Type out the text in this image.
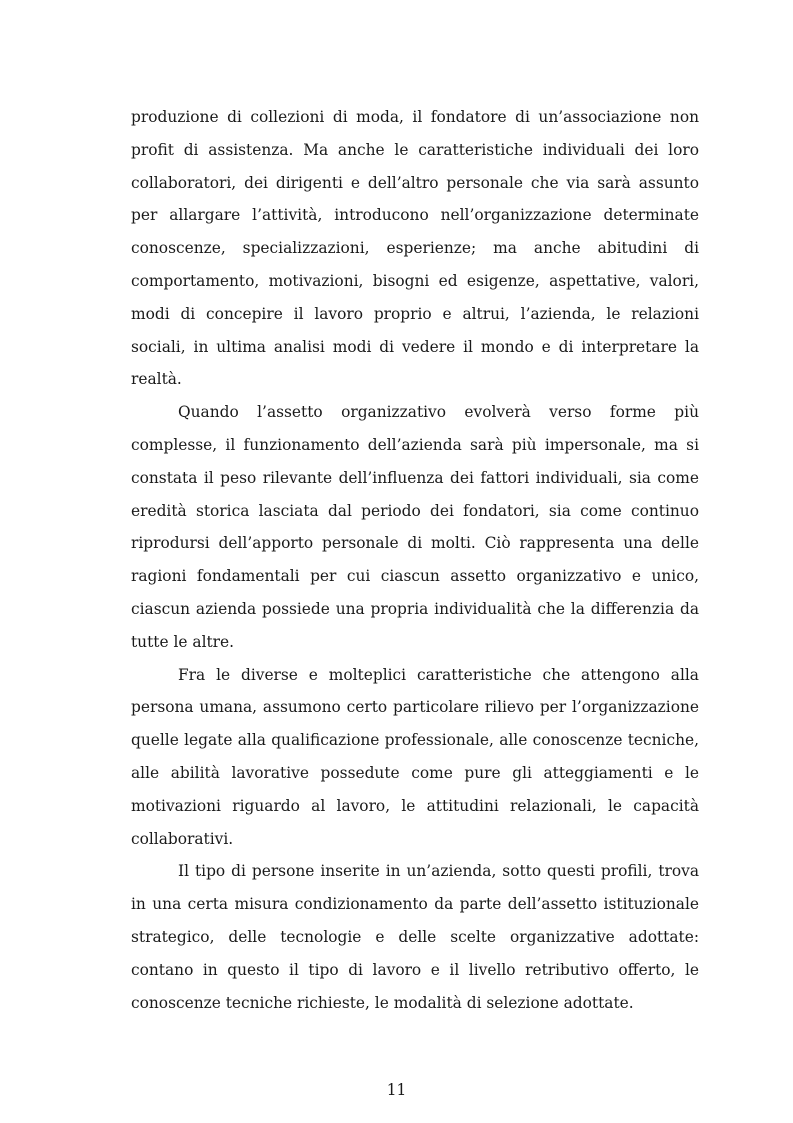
produzione di collezioni di moda, il fondatore di un’associazione non profit di assistenza. Ma anche le caratteristiche individuali dei loro collaboratori, dei dirigenti e dell’altro personale che via sarà assunto per allargare l’attività, introducono nell’organizzazione determinate conoscenze, specializzazioni, esperienze; ma anche abitudini di comportamento, motivazioni, bisogni ed esigenze, aspettative, valori, modi di concepire il lavoro proprio e altrui, l’azienda, le relazioni sociali, in ultima analisi modi di vedere il mondo e di interpretare la realtà.

Quando l’assetto organizzativo evolverà verso forme più complesse, il funzionamento dell’azienda sarà più impersonale, ma si constata il peso rilevante dell’influenza dei fattori individuali, sia come eredità storica lasciata dal periodo dei fondatori, sia come continuo riprodursi dell’apporto personale di molti. Ciò rappresenta una delle ragioni fondamentali per cui ciascun assetto organizzativo e unico, ciascun azienda possiede una propria individualità che la differenzia da tutte le altre.

Fra le diverse e molteplici caratteristiche che attengono alla persona umana, assumono certo particolare rilievo per l’organizzazione quelle legate alla qualificazione professionale, alle conoscenze tecniche, alle abilità lavorative possedute come pure gli atteggiamenti e le motivazioni riguardo al lavoro, le attitudini relazionali, le capacità collaborativi.

Il tipo di persone inserite in un’azienda, sotto questi profili, trova in una certa misura condizionamento da parte dell’assetto istituzionale strategico, delle tecnologie e delle scelte organizzative adottate: contano in questo il tipo di lavoro e il livello retributivo offerto, le conoscenze tecniche richieste, le modalità di selezione adottate.

11
